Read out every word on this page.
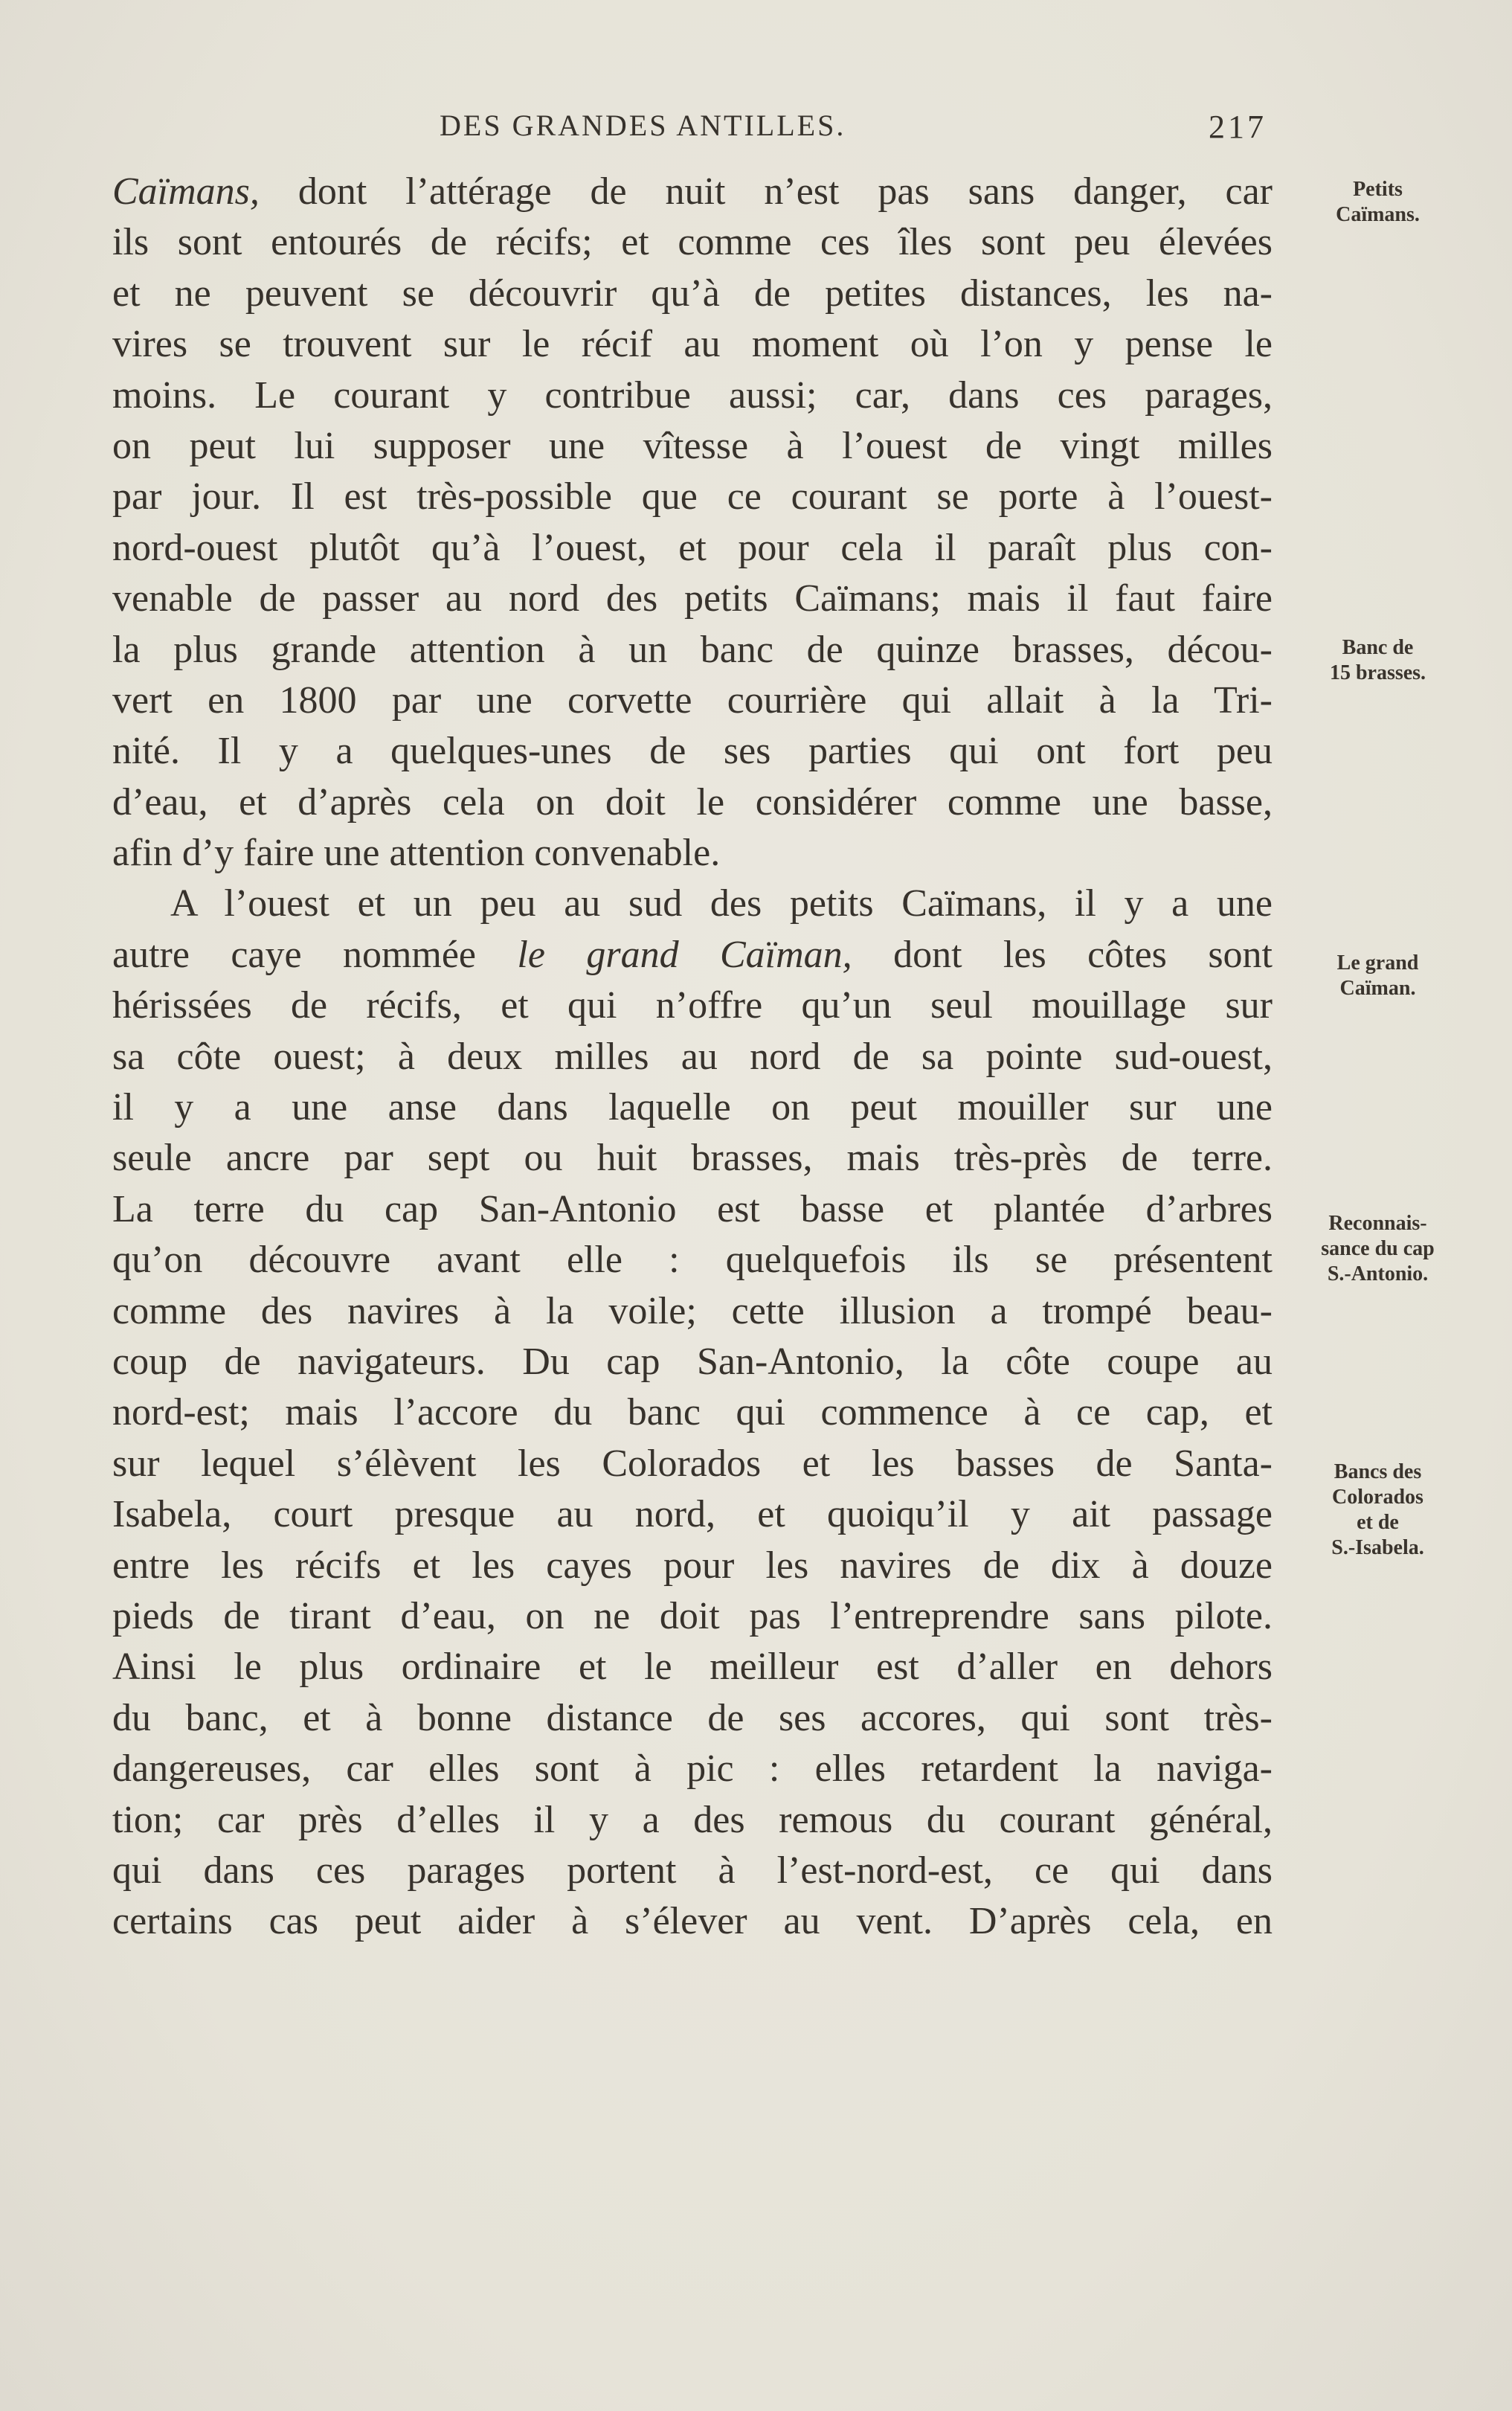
DES GRANDES ANTILLES.	217
Caïmans, dont l’attérage de nuit n’est pas sans danger, car
ils sont entourés de récifs; et comme ces îles sont peu élevées
et ne peuvent se découvrir qu’à de petites distances, les na-
vires se trouvent sur le récif au moment où l’on y pense le
moins. Le courant y contribue aussi; car, dans ces parages,
on peut lui supposer une vîtesse à l’ouest de vingt milles
par jour. Il est très-possible que ce courant se porte à l’ouest-
nord-ouest plutôt qu’à l’ouest, et pour cela il paraît plus con-
venable de passer au nord des petits Caïmans; mais il faut faire
la plus grande attention à un banc de quinze brasses, décou-
vert en 1800 par une corvette courrière qui allait à la Tri-
nité. Il y a quelques-unes de ses parties qui ont fort peu
d’eau, et d’après cela on doit le considérer comme une basse,
afin d’y faire une attention convenable.
A l’ouest et un peu au sud des petits Caïmans, il y a une
autre caye nommée le grand Caïman, dont les côtes sont
hérissées de récifs, et qui n’offre qu’un seul mouillage sur
sa côte ouest; à deux milles au nord de sa pointe sud-ouest,
il y a une anse dans laquelle on peut mouiller sur une
seule ancre par sept ou huit brasses, mais très-près de terre.
La terre du cap San-Antonio est basse et plantée d’arbres
qu’on découvre avant elle : quelquefois ils se présentent
comme des navires à la voile; cette illusion a trompé beau-
coup de navigateurs. Du cap San-Antonio, la côte coupe au
nord-est; mais l’accore du banc qui commence à ce cap, et
sur lequel s’élèvent les Colorados et les basses de Santa-
Isabela, court presque au nord, et quoiqu’il y ait passage
entre les récifs et les cayes pour les navires de dix à douze
pieds de tirant d’eau, on ne doit pas l’entreprendre sans pilote.
Ainsi le plus ordinaire et le meilleur est d’aller en dehors
du banc, et à bonne distance de ses accores, qui sont très-
dangereuses, car elles sont à pic : elles retardent la naviga-
tion; car près d’elles il y a des remous du courant général,
qui dans ces parages portent à l’est-nord-est, ce qui dans
certains cas peut aider à s’élever au vent. D’après cela, en
Petits
Caïmans.
Banc de
15 brasses.
Le grand
Caïman.
Reconnais-
sance du cap
S.-Antonio.
Bancs des
Colorados
et de
S.-Isabela.
